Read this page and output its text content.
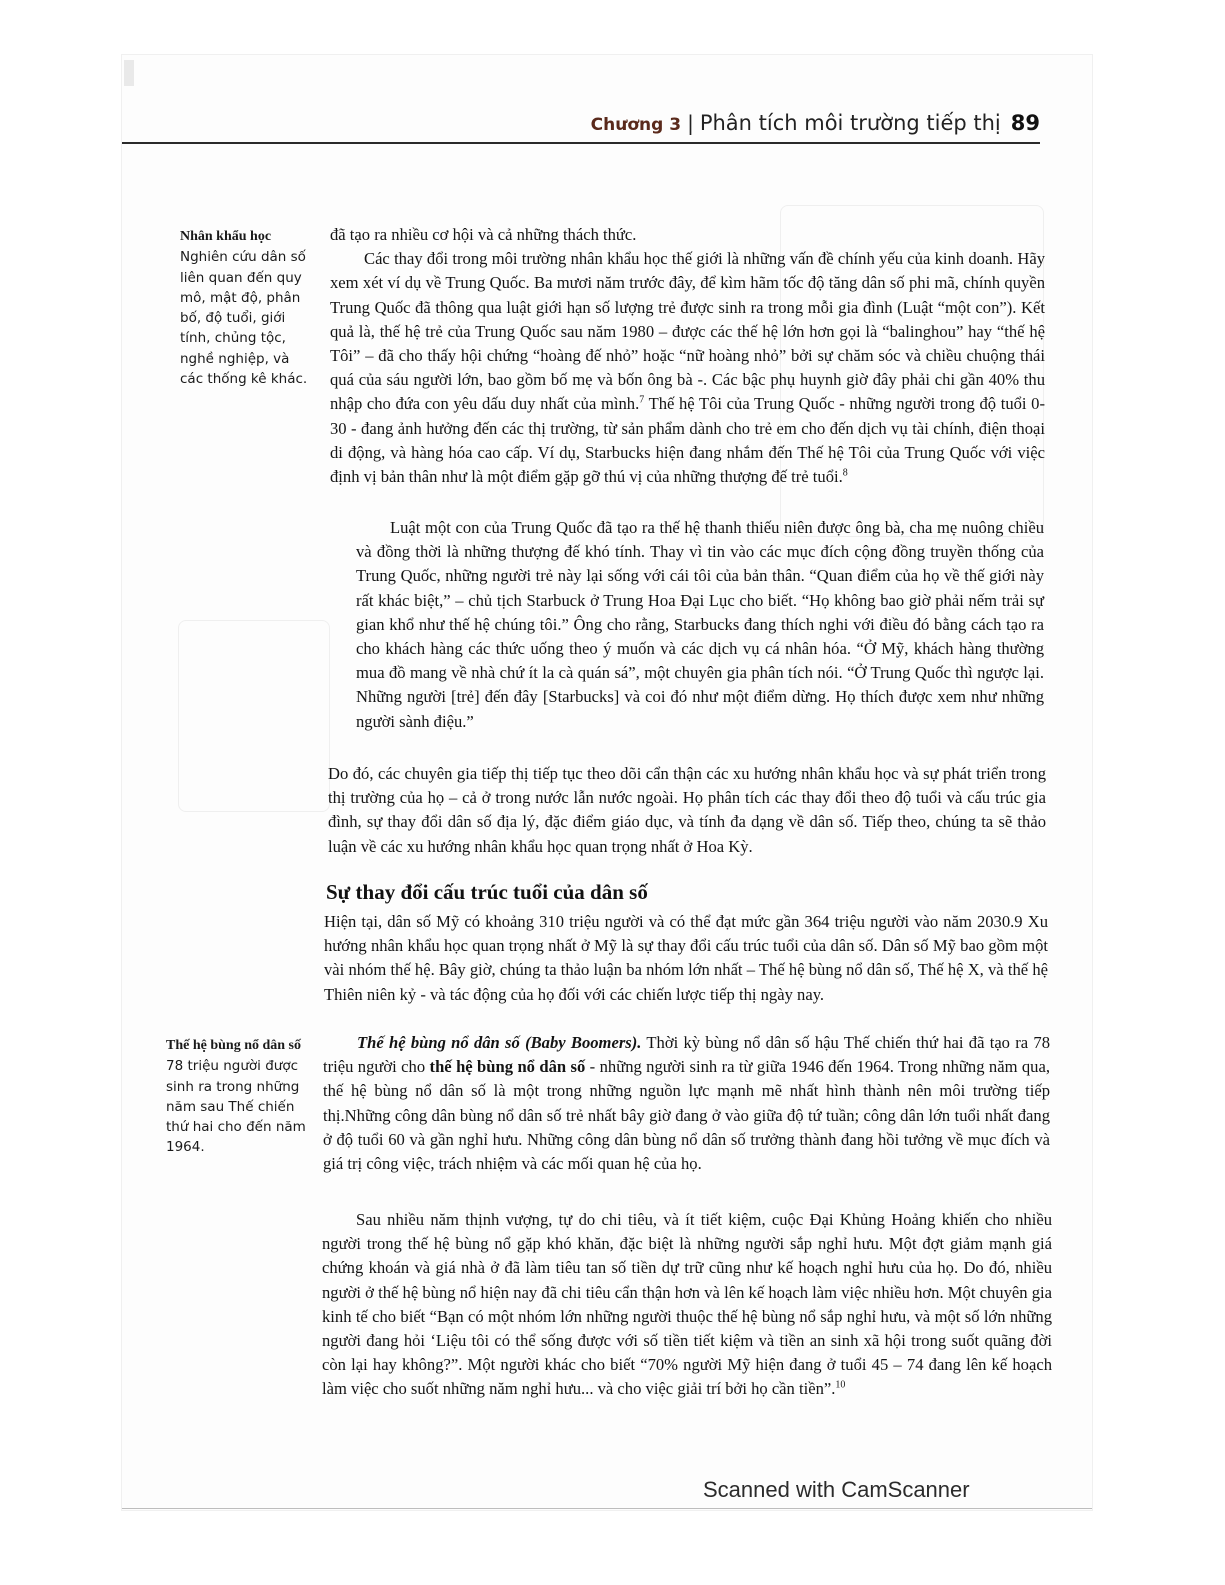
Chương 3 | Phân tích môi trường tiếp thị 89
Nhân khẩu học
Nghiên cứu dân số liên quan đến quy mô, mật độ, phân bố, độ tuổi, giới tính, chủng tộc, nghề nghiệp, và các thống kê khác.

đã tạo ra nhiều cơ hội và cả những thách thức.

Các thay đổi trong môi trường nhân khẩu học thế giới là những vấn đề chính yếu của kinh doanh. Hãy xem xét ví dụ về Trung Quốc. Ba mươi năm trước đây, để kìm hãm tốc độ tăng dân số phi mã, chính quyền Trung Quốc đã thông qua luật giới hạn số lượng trẻ được sinh ra trong mỗi gia đình (Luật “một con”). Kết quả là, thế hệ trẻ của Trung Quốc sau năm 1980 – được các thế hệ lớn hơn gọi là “balinghou” hay “thế hệ Tôi” – đã cho thấy hội chứng “hoàng đế nhỏ” hoặc “nữ hoàng nhỏ” bởi sự chăm sóc và chiều chuộng thái quá của sáu người lớn, bao gồm bố mẹ và bốn ông bà -. Các bậc phụ huynh giờ đây phải chi gần 40% thu nhập cho đứa con yêu dấu duy nhất của mình.$^7$ Thế hệ Tôi của Trung Quốc - những người trong độ tuổi 0-30 - đang ảnh hưởng đến các thị trường, từ sản phẩm dành cho trẻ em cho đến dịch vụ tài chính, điện thoại di động, và hàng hóa cao cấp. Ví dụ, Starbucks hiện đang nhắm đến Thế hệ Tôi của Trung Quốc với việc định vị bản thân như là một điểm gặp gỡ thú vị của những thượng đế trẻ tuổi.$^8$

Luật một con của Trung Quốc đã tạo ra thế hệ thanh thiếu niên được ông bà, cha mẹ nuông chiều và đồng thời là những thượng đế khó tính. Thay vì tin vào các mục đích cộng đồng truyền thống của Trung Quốc, những người trẻ này lại sống với cái tôi của bản thân. “Quan điểm của họ về thế giới này rất khác biệt,” – chủ tịch Starbuck ở Trung Hoa Đại Lục cho biết. “Họ không bao giờ phải nếm trải sự gian khổ như thế hệ chúng tôi.” Ông cho rằng, Starbucks đang thích nghi với điều đó bằng cách tạo ra cho khách hàng các thức uống theo ý muốn và các dịch vụ cá nhân hóa. “Ở Mỹ, khách hàng thường mua đồ mang về nhà chứ ít la cà quán sá”, một chuyên gia phân tích nói. “Ở Trung Quốc thì ngược lại. Những người [trẻ] đến đây [Starbucks] và coi đó như một điểm dừng. Họ thích được xem như những người sành điệu.”

Do đó, các chuyên gia tiếp thị tiếp tục theo dõi cẩn thận các xu hướng nhân khẩu học và sự phát triển trong thị trường của họ – cả ở trong nước lẫn nước ngoài. Họ phân tích các thay đổi theo độ tuổi và cấu trúc gia đình, sự thay đổi dân số địa lý, đặc điểm giáo dục, và tính đa dạng về dân số. Tiếp theo, chúng ta sẽ thảo luận về các xu hướng nhân khẩu học quan trọng nhất ở Hoa Kỳ.

Sự thay đổi cấu trúc tuổi của dân số

Hiện tại, dân số Mỹ có khoảng 310 triệu người và có thể đạt mức gần 364 triệu người vào năm 2030.9 Xu hướng nhân khẩu học quan trọng nhất ở Mỹ là sự thay đổi cấu trúc tuổi của dân số. Dân số Mỹ bao gồm một vài nhóm thế hệ. Bây giờ, chúng ta thảo luận ba nhóm lớn nhất – Thế hệ bùng nổ dân số, Thế hệ X, và thế hệ Thiên niên kỷ - và tác động của họ đối với các chiến lược tiếp thị ngày nay.

Thế hệ bùng nổ dân số
78 triệu người được sinh ra trong những năm sau Thế chiến thứ hai cho đến năm 1964.

Thế hệ bùng nổ dân số (Baby Boomers). Thời kỳ bùng nổ dân số hậu Thế chiến thứ hai đã tạo ra 78 triệu người cho thế hệ bùng nổ dân số - những người sinh ra từ giữa 1946 đến 1964. Trong những năm qua, thế hệ bùng nổ dân số là một trong những nguồn lực mạnh mẽ nhất hình thành nên môi trường tiếp thị.Những công dân bùng nổ dân số trẻ nhất bây giờ đang ở vào giữa độ tứ tuần; công dân lớn tuổi nhất đang ở độ tuổi 60 và gần nghỉ hưu. Những công dân bùng nổ dân số trưởng thành đang hồi tưởng về mục đích và giá trị công việc, trách nhiệm và các mối quan hệ của họ.

Sau nhiều năm thịnh vượng, tự do chi tiêu, và ít tiết kiệm, cuộc Đại Khủng Hoảng khiến cho nhiều người trong thế hệ bùng nổ gặp khó khăn, đặc biệt là những người sắp nghỉ hưu. Một đợt giảm mạnh giá chứng khoán và giá nhà ở đã làm tiêu tan số tiền dự trữ cũng như kế hoạch nghỉ hưu của họ. Do đó, nhiều người ở thế hệ bùng nổ hiện nay đã chi tiêu cẩn thận hơn và lên kế hoạch làm việc nhiều hơn. Một chuyên gia kinh tế cho biết “Bạn có một nhóm lớn những người thuộc thế hệ bùng nổ sắp nghỉ hưu, và một số lớn những người đang hỏi ‘Liệu tôi có thể sống được với số tiền tiết kiệm và tiền an sinh xã hội trong suốt quãng đời còn lại hay không?”. Một người khác cho biết “70% người Mỹ hiện đang ở tuổi 45 – 74 đang lên kế hoạch làm việc cho suốt những năm nghỉ hưu... và cho việc giải trí bởi họ cần tiền”.$^{10}$

Scanned with CamScanner
